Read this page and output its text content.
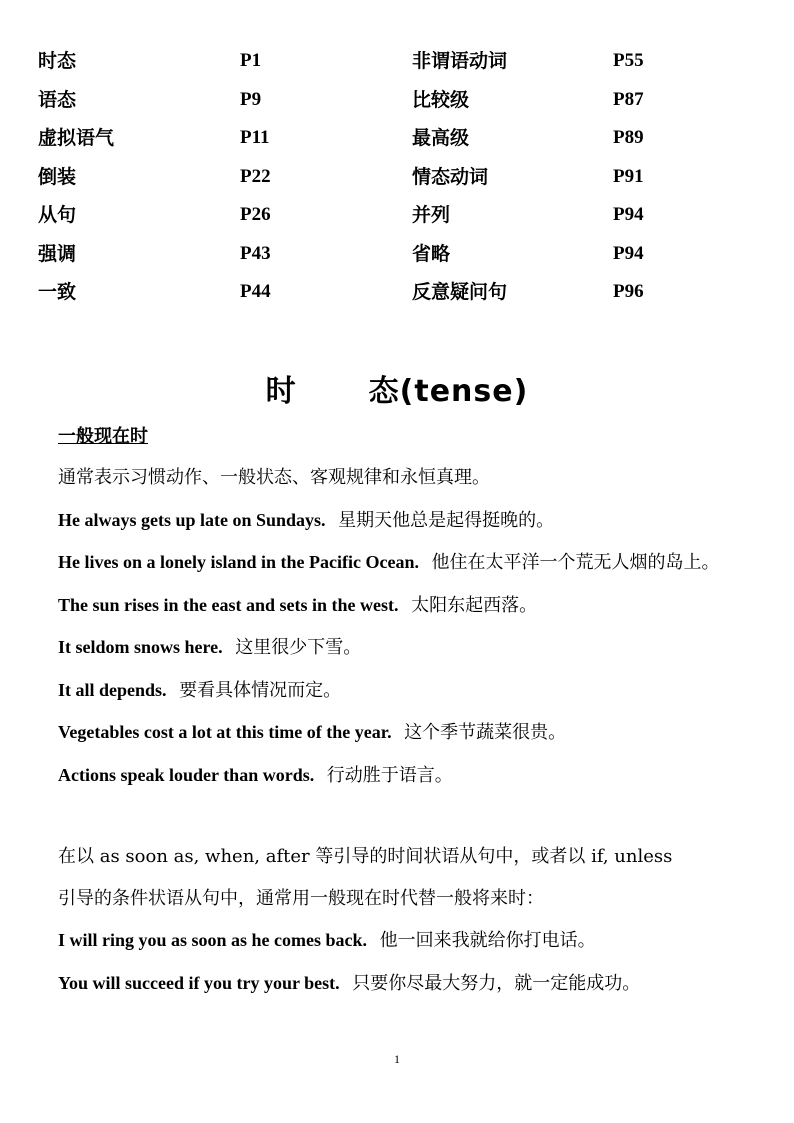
时态	P1	非谓语动词	P55
语态	P9	比较级	P87
虚拟语气	P11	最高级	P89
倒装	P22	情态动词	P91
从句	P26	并列	P94
强调	P43	省略	P94
一致	P44	反意疑问句	P96
时 态(tense)
一般现在时
通常表示习惯动作、一般状态、客观规律和永恒真理。
He always gets up late on Sundays. 星期天他总是起得挺晚的。
He lives on a lonely island in the Pacific Ocean. 他住在太平洋一个荒无人烟的岛上。
The sun rises in the east and sets in the west. 太阳东起西落。
It seldom snows here. 这里很少下雪。
It all depends. 要看具体情况而定。
Vegetables cost a lot at this time of the year. 这个季节蔬菜很贵。
Actions speak louder than words. 行动胜于语言。
在以 as soon as, when, after 等引导的时间状语从句中，或者以 if, unless
引导的条件状语从句中，通常用一般现在时代替一般将来时：
I will ring you as soon as he comes back. 他一回来我就给你打电话。
You will succeed if you try your best. 只要你尽最大努力，就一定能成功。
1
